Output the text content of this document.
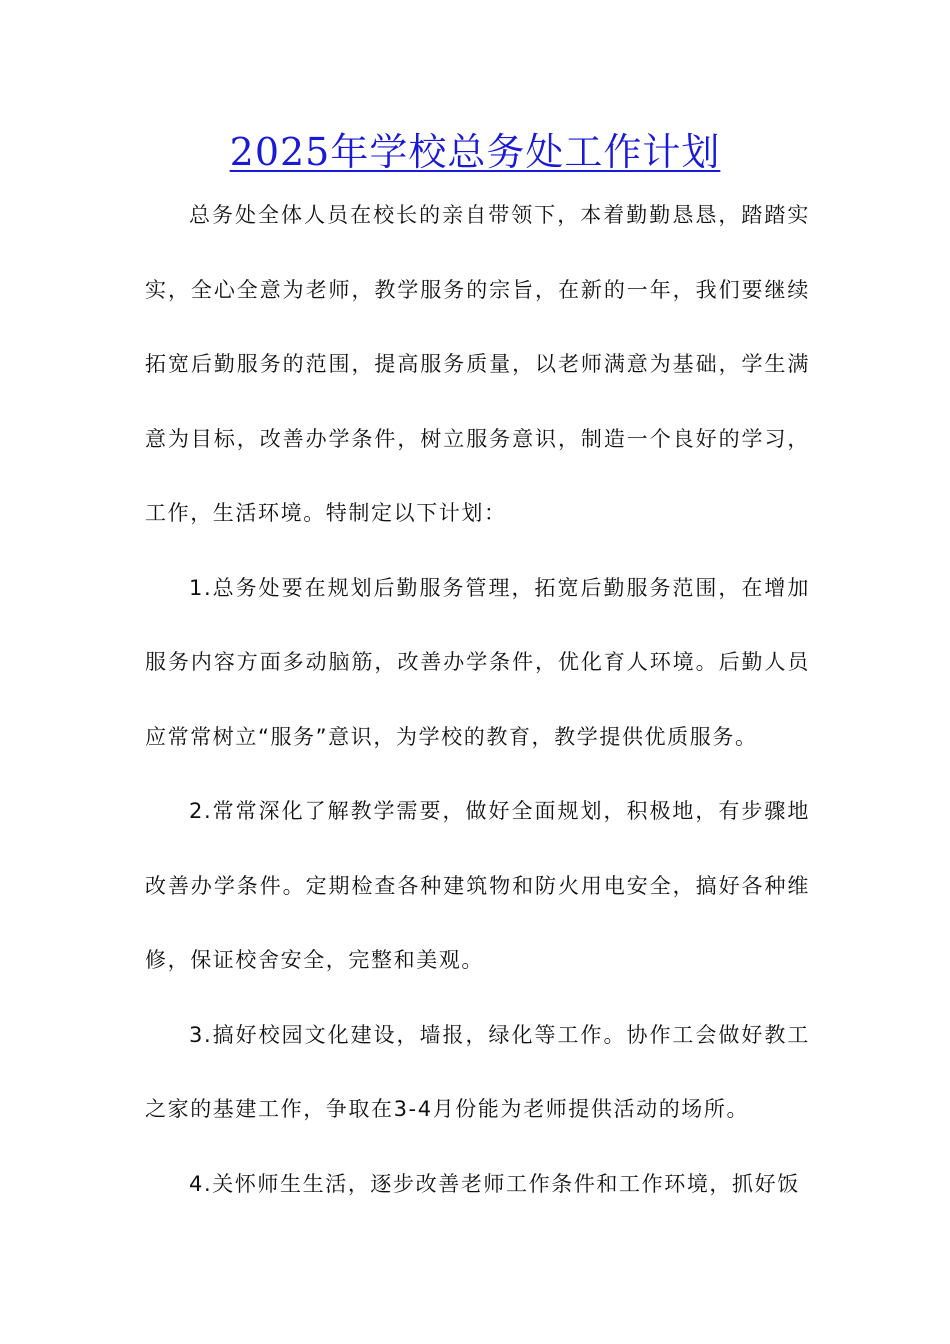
2025年学校总务处工作计划

总务处全体人员在校长的亲自带领下，本着勤勤恳恳，踏踏实实，全心全意为老师，教学服务的宗旨，在新的一年，我们要继续拓宽后勤服务的范围，提高服务质量，以老师满意为基础，学生满意为目标，改善办学条件，树立服务意识，制造一个良好的学习，工作，生活环境。特制定以下计划：

1.总务处要在规划后勤服务管理，拓宽后勤服务范围，在增加服务内容方面多动脑筋，改善办学条件，优化育人环境。后勤人员应常常树立“服务”意识，为学校的教育，教学提供优质服务。

2.常常深化了解教学需要，做好全面规划，积极地，有步骤地改善办学条件。定期检查各种建筑物和防火用电安全，搞好各种维修，保证校舍安全，完整和美观。

3.搞好校园文化建设，墙报，绿化等工作。协作工会做好教工之家的基建工作，争取在3-4月份能为老师提供活动的场所。

4.关怀师生生活，逐步改善老师工作条件和工作环境，抓好饭
